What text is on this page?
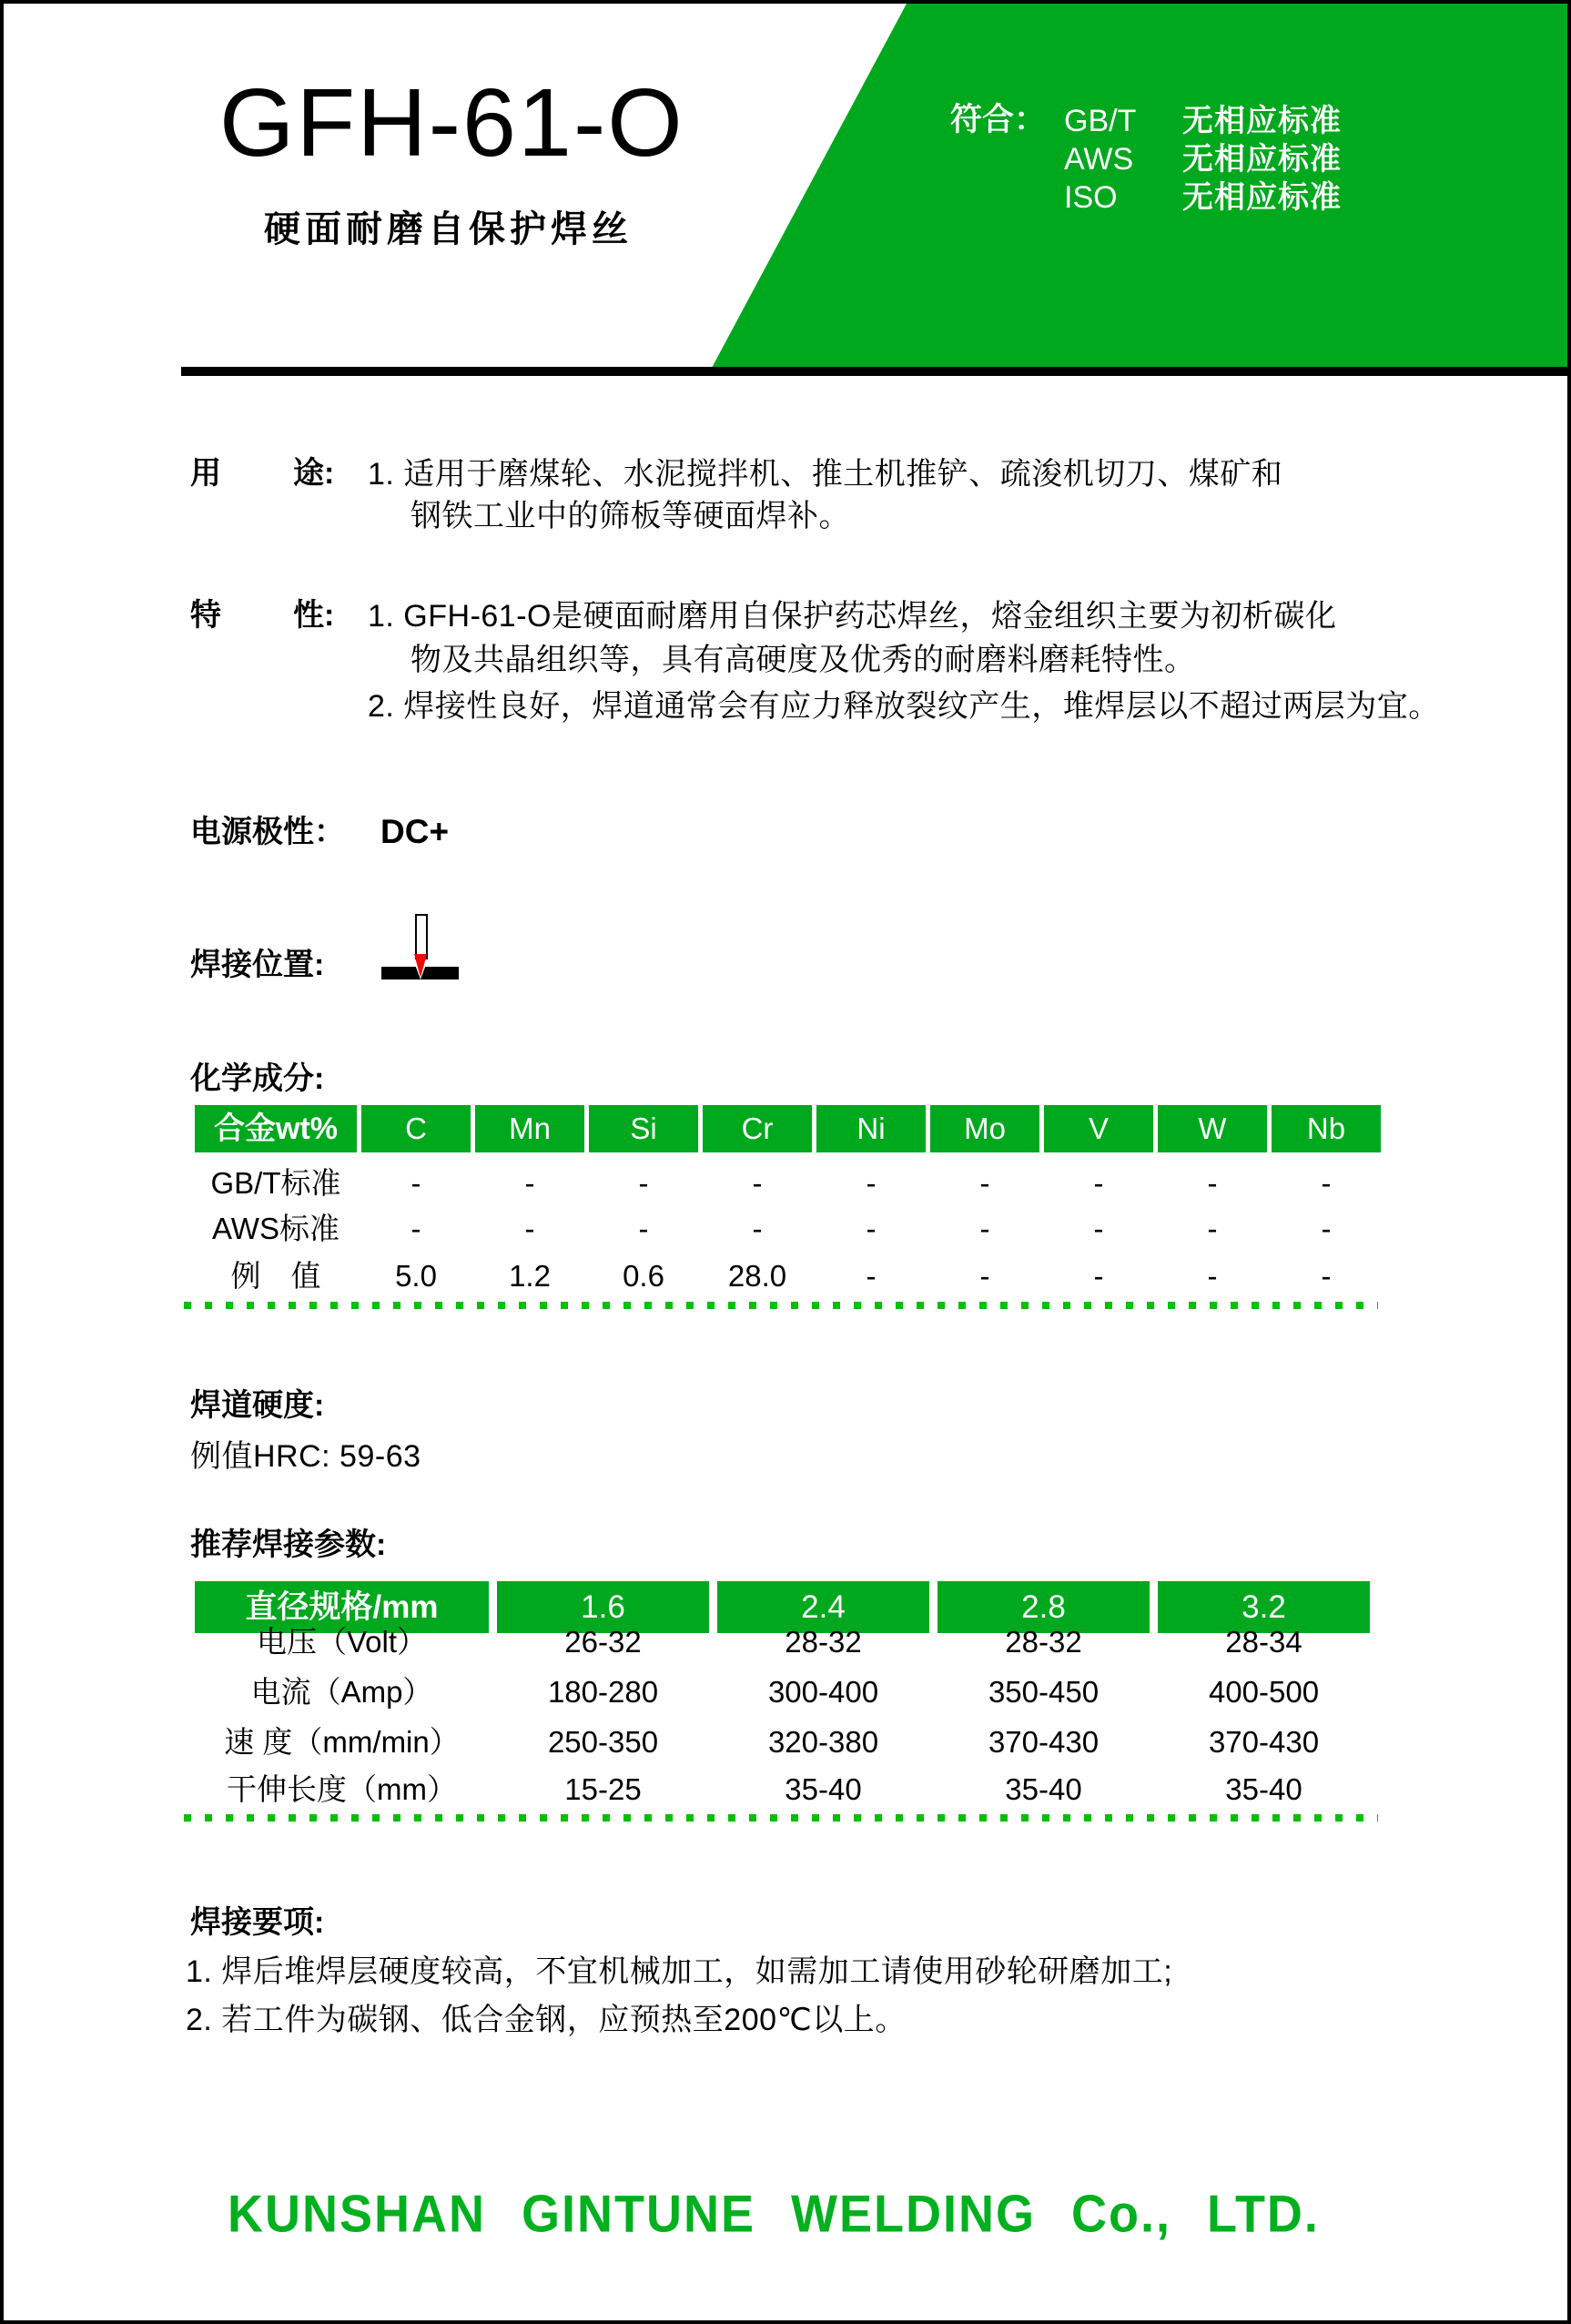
GFH-61-O
硬面耐磨自保护焊丝
符合： GB/T 无相应标准
AWS 无相应标准
ISO 无相应标准
用 途: 1. 适用于磨煤轮、水泥搅拌机、推土机推铲、疏浚机切刀、煤矿和
钢铁工业中的筛板等硬面焊补。
特 性: 1. GFH-61-O是硬面耐磨用自保护药芯焊丝，熔金组织主要为初析碳化
物及共晶组织等，具有高硬度及优秀的耐磨料磨耗特性。
2. 焊接性良好，焊道通常会有应力释放裂纹产生，堆焊层以不超过两层为宜。
电源极性： DC+
焊接位置:
化学成分:
合金wt%	C	Mn	Si	Cr	Ni	Mo	V	W	Nb
GB/T标准	-	-	-	-	-	-	-	-	-
AWS标准	-	-	-	-	-	-	-	-	-
例　值	5.0	1.2	0.6	28.0	-	-	-	-	-
焊道硬度:
例值HRC: 59-63
推荐焊接参数:
直径规格/mm	1.6	2.4	2.8	3.2
电压（Volt）	26-32	28-32	28-32	28-34
电流（Amp）	180-280	300-400	350-450	400-500
速 度（mm/min）	250-350	320-380	370-430	370-430
干伸长度（mm）	15-25	35-40	35-40	35-40
焊接要项:
1. 焊后堆焊层硬度较高，不宜机械加工，如需加工请使用砂轮研磨加工;
2. 若工件为碳钢、低合金钢，应预热至200℃以上。
KUNSHAN GINTUNE WELDING Co., LTD.
